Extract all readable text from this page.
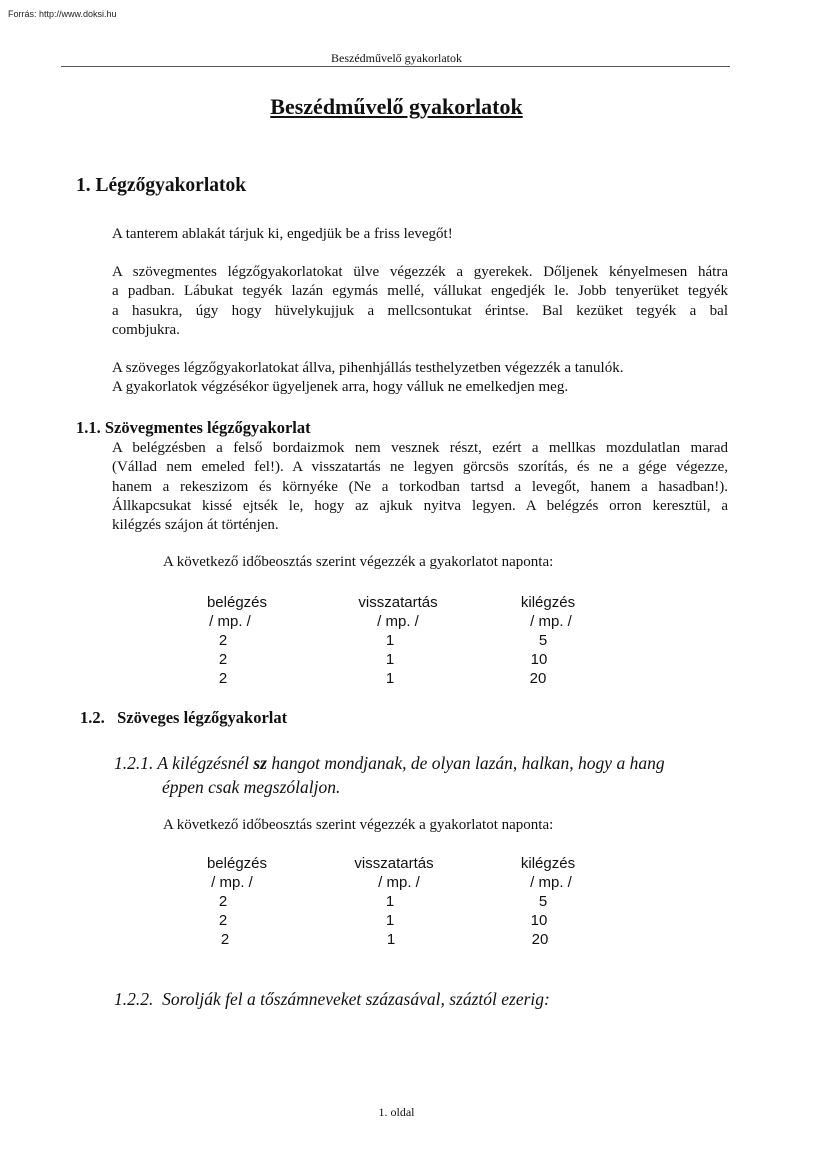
Forrás: http://www.doksi.hu
Beszédművelő gyakorlatok
Beszédművelő gyakorlatok
1. Légzőgyakorlatok
A tanterem ablakát tárjuk ki, engedjük be a friss levegőt!
A szövegmentes légzőgyakorlatokat ülve végezzék a gyerekek. Dőljenek kényelmesen hátra
a padban. Lábukat tegyék lazán egymás mellé, vállukat engedjék le. Jobb tenyerüket tegyék
a hasukra, úgy hogy hüvelykujjuk a mellcsontukat érintse. Bal kezüket tegyék a bal
combjukra.
A szöveges légzőgyakorlatokat állva, pihenhjállás testhelyzetben végezzék a tanulók.
A gyakorlatok végzésékor ügyeljenek arra, hogy válluk ne emelkedjen meg.
1.1. Szövegmentes légzőgyakorlat
A belégzésben a felső bordaizmok nem vesznek részt, ezért a mellkas mozdulatlan marad
(Vállad nem emeled fel!). A visszatartás ne legyen görcsös szorítás, és ne a gége végezze,
hanem a rekeszizom és környéke (Ne a torkodban tartsd a levegőt, hanem a hasadban!).
Állkapcsukat kissé ejtsék le, hogy az ajkuk nyitva legyen. A belégzés orron keresztül, a
kilégzés szájon át történjen.
A következő időbeosztás szerint végezzék a gyakorlatot naponta:
belégzés	visszatartás	kilégzés
/ mp. /	/ mp. /	/ mp. /
2	1	5
2	1	10
2	1	20
1.2.   Szöveges légzőgyakorlat
1.2.1. A kilégzésnél sz hangot mondjanak, de olyan lazán, halkan, hogy a hang
éppen csak megszólaljon.
A következő időbeosztás szerint végezzék a gyakorlatot naponta:
belégzés	visszatartás	kilégzés
/ mp. /	/ mp. /	/ mp. /
2	1	5
2	1	10
2	1	20
1.2.2.  Sorolják fel a tőszámneveket százasával, száztól ezerig:
1. oldal
